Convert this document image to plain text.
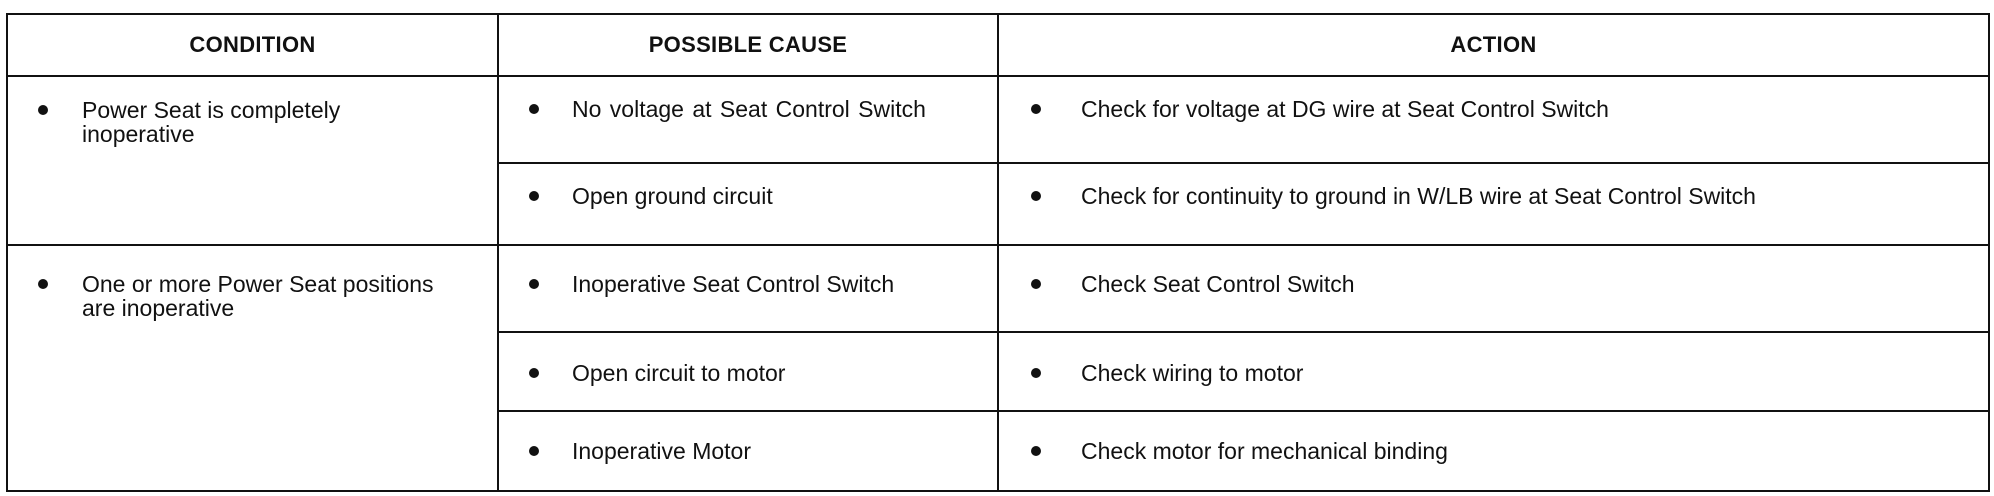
CONDITION	POSSIBLE CAUSE	ACTION

Power Seat is completely inoperative	No voltage at Seat Control Switch	Check for voltage at DG wire at Seat Control Switch

	Open ground circuit	Check for continuity to ground in W/LB wire at Seat Control Switch

One or more Power Seat positions are inoperative	Inoperative Seat Control Switch	Check Seat Control Switch

	Open circuit to motor	Check wiring to motor

	Inoperative Motor	Check motor for mechanical binding
